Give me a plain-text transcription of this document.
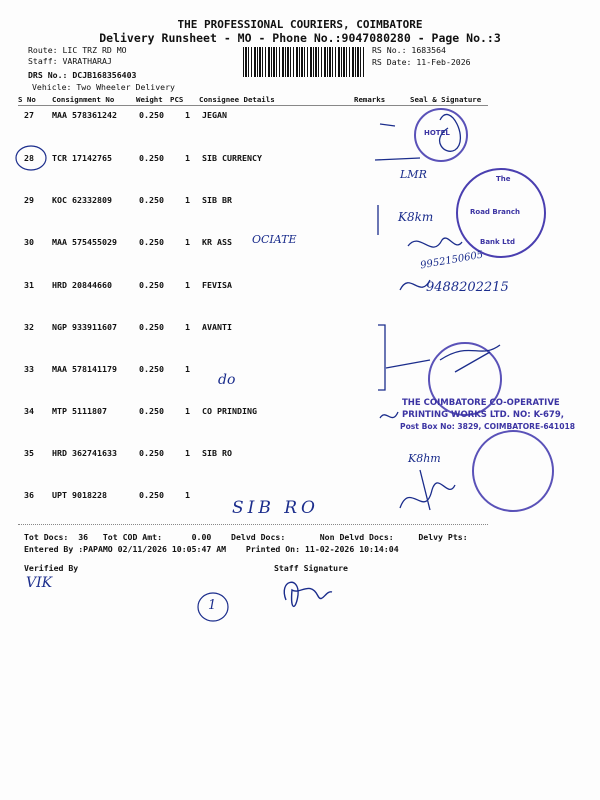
THE PROFESSIONAL COURIERS, COIMBATORE
Delivery Runsheet - MO - Phone No.:9047080280 - Page No.:3
Route: LIC TRZ RD MO
Staff: VARATHARAJ
DRS No.: DCJB168356403
Vehicle: Two Wheeler Delivery
RS No.: 1683564
RS Date: 11-Feb-2026
S No Consignment No	Weight PCS Consignee Details	Remarks	Seal & Signature
27 MAA 578361242	0.250	1 JEGAN
28 TCR 17142765	0.250	1 SIB CURRENCY
29 KOC 62332809	0.250	1 SIB BR
30 MAA 575455029	0.250	1 KR ASS
31 HRD 20844660	0.250	1 FEVISA
32 NGP 933911607	0.250	1 AVANTI
33 MAA 578141179	0.250	1
34 MTP 5111807	0.250	1 CO PRINDING
35 HRD 362741633	0.250	1 SIB RO
36 UPT 9018228	0.250	1
Tot Docs:  36   Tot COD Amt:      0.00    Delvd Docs:       Non Delvd Docs:     Delvy Pts:
Entered By :PAPAMO 02/11/2026 10:05:47 AM    Printed On: 11-02-2026 10:14:04
Verified By	Staff Signature
HOTEL
The
Road Branch
Bank Ltd
THE COIMBATORE CO-OPERATIVE
PRINTING WORKS LTD. NO: K-679,
Post Box No: 3829, COIMBATORE-641018
OCIATE
do
SIB RO
LMR
K8km
9952150605
9488202215
K8hm
VIK
1
